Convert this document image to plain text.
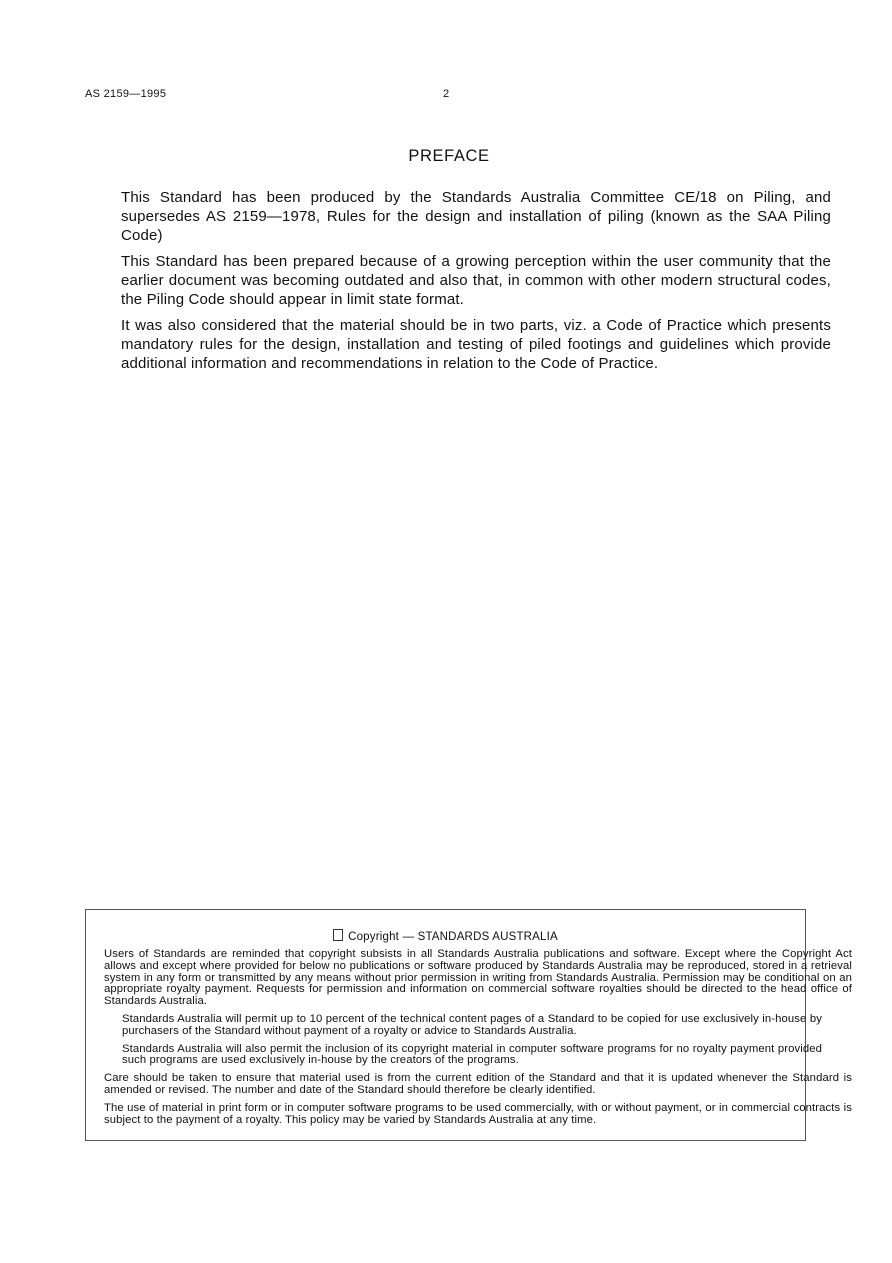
AS 2159—1995	2
PREFACE

This Standard has been produced by the Standards Australia Committee CE/18 on Piling, and supersedes AS 2159—1978, Rules for the design and installation of piling (known as the SAA Piling Code)

This Standard has been prepared because of a growing perception within the user community that the earlier document was becoming outdated and also that, in common with other modern structural codes, the Piling Code should appear in limit state format.

It was also considered that the material should be in two parts, viz. a Code of Practice which presents mandatory rules for the design, installation and testing of piled footings and guidelines which provide additional information and recommendations in relation to the Code of Practice.

Copyright — STANDARDS AUSTRALIA

Users of Standards are reminded that copyright subsists in all Standards Australia publications and software. Except where the Copyright Act allows and except where provided for below no publications or software produced by Standards Australia may be reproduced, stored in a retrieval system in any form or transmitted by any means without prior permission in writing from Standards Australia. Permission may be conditional on an appropriate royalty payment. Requests for permission and information on commercial software royalties should be directed to the head office of Standards Australia.

Standards Australia will permit up to 10 percent of the technical content pages of a Standard to be copied for use exclusively in-house by purchasers of the Standard without payment of a royalty or advice to Standards Australia.

Standards Australia will also permit the inclusion of its copyright material in computer software programs for no royalty payment provided such programs are used exclusively in-house by the creators of the programs.

Care should be taken to ensure that material used is from the current edition of the Standard and that it is updated whenever the Standard is amended or revised. The number and date of the Standard should therefore be clearly identified.

The use of material in print form or in computer software programs to be used commercially, with or without payment, or in commercial contracts is subject to the payment of a royalty. This policy may be varied by Standards Australia at any time.
